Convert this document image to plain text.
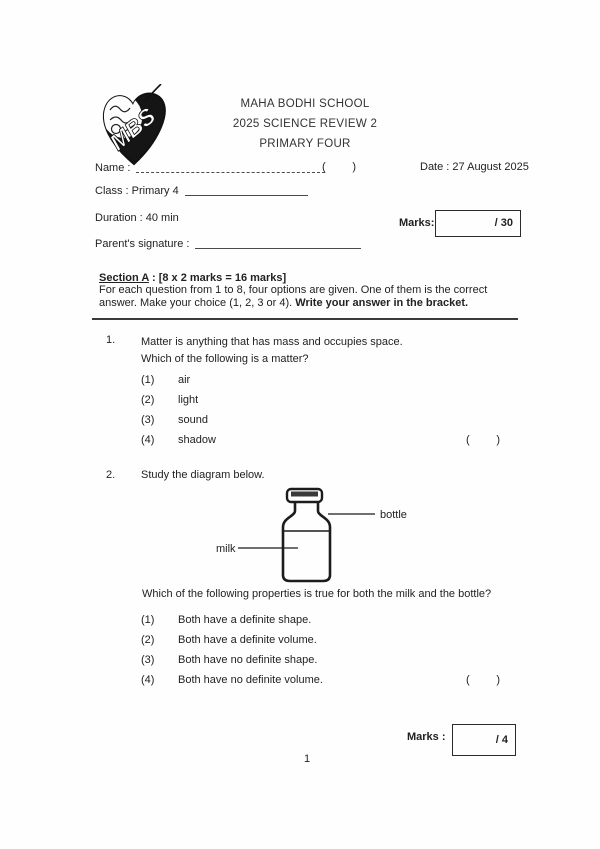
MBS	MAHA BODHI SCHOOL
2025 SCIENCE REVIEW 2
PRIMARY FOUR
Name :	( )	Date : 27 August 2025
Class : Primary 4
Duration : 40 min	Marks:	/ 30
Parent's signature :
Section A : [8 x 2 marks = 16 marks]
For each question from 1 to 8, four options are given. One of them is the correct
answer. Make your choice (1, 2, 3 or 4). Write your answer in the bracket.
1. Matter is anything that has mass and occupies space.
Which of the following is a matter?
(1)	air
(2)	light
(3)	sound
(4)	shadow	( )
2. Study the diagram below.
bottle
milk
Which of the following properties is true for both the milk and the bottle?
(1)	Both have a definite shape.
(2)	Both have a definite volume.
(3)	Both have no definite shape.
(4)	Both have no definite volume.	( )
Marks :	/ 4
1
